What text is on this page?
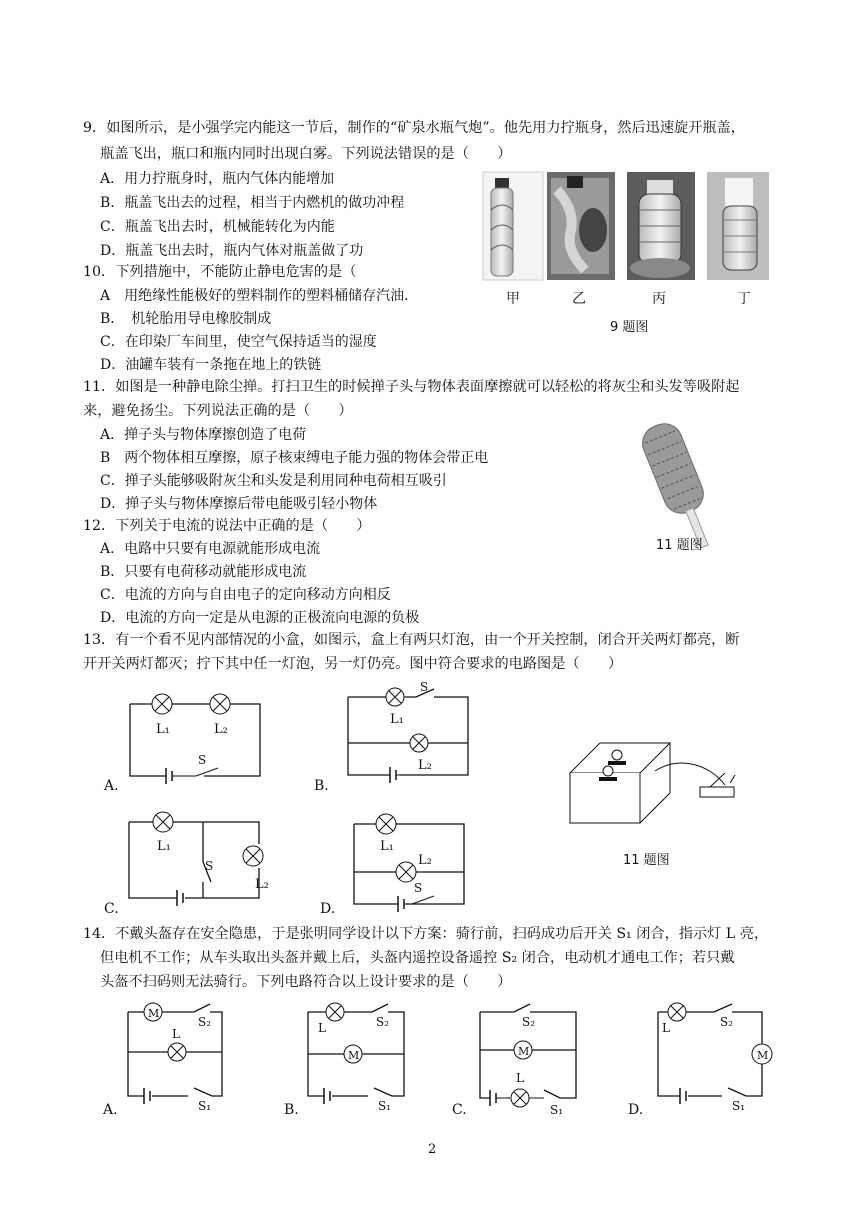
9．如图所示，是小强学完内能这一节后，制作的“矿泉水瓶气炮”。他先用力拧瓶身，然后迅速旋开瓶盖，
瓶盖飞出，瓶口和瓶内同时出现白雾。下列说法错误的是（　　）
A．用力拧瓶身时，瓶内气体内能增加
B．瓶盖飞出去的过程，相当于内燃机的做功冲程
C．瓶盖飞出去时，机械能转化为内能
D．瓶盖飞出去时，瓶内气体对瓶盖做了功
甲	乙	丙	丁
9 题图
10．下列措施中，不能防止静电危害的是（
A　用绝缘性能极好的塑料制作的塑料桶储存汽油．
B．　机轮胎用导电橡胶制成
C．在印染厂车间里，使空气保持适当的湿度
D．油罐车装有一条拖在地上的铁链
11．如图是一种静电除尘掸。打扫卫生的时候掸子头与物体表面摩擦就可以轻松的将灰尘和头发等吸附起
来，避免扬尘。下列说法正确的是（　　）
A．掸子头与物体摩擦创造了电荷
B　两个物体相互摩擦，原子核束缚电子能力强的物体会带正电
C．掸子头能够吸附灰尘和头发是利用同种电荷相互吸引
D．掸子头与物体摩擦后带电能吸引轻小物体
11 题图
12．下列关于电流的说法中正确的是（　　）
A．电路中只要有电源就能形成电流
B．只要有电荷移动就能形成电流
C．电流的方向与自由电子的定向移动方向相反
D．电流的方向一定是从电源的正极流向电源的负极
13．有一个看不见内部情况的小盒，如图示，盒上有两只灯泡，由一个开关控制，闭合开关两灯都亮，断
开开关两灯都灭；拧下其中任一灯泡，另一灯仍亮。图中符合要求的电路图是（　　）
L₁	L₂
S
A.
L₁
L₂
S
B.
11 题图
L₁
L₂
S
C.
L₁
L₂
S
D.
14．不戴头盔存在安全隐患，于是张明同学设计以下方案：骑行前，扫码成功后开关 S₁ 闭合，指示灯 L 亮，
但电机不工作；从车头取出头盔并戴上后，头盔内遥控设备遥控 S₂ 闭合，电动机才通电工作；若只戴
头盔不扫码则无法骑行。下列电路符合以上设计要求的是（　　）
M
L
S₂
S₁
A.
M
L	S₂
S₁
B.
M
L
S₂
S₁
C.
M
L	S₂
S₁
D.
2
